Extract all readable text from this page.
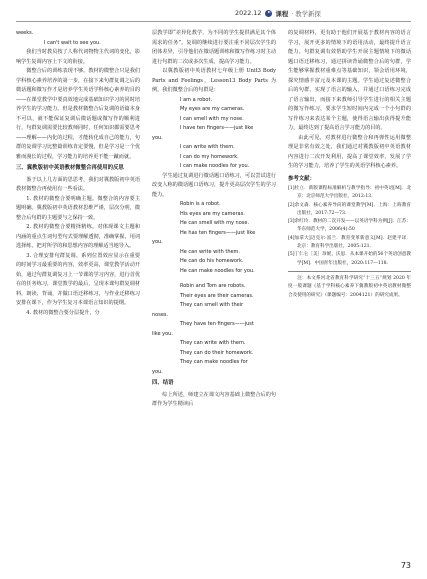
2022.12 课程 · 教学新探
weeks.
I can't wait to see you.

我们当时教员按了人称代词物物主代词的变化，影响学生复调内容上下文的衔接。

微整合后的训练表现不够。教材的微整合只是我们学科核心素养培养的第一步，在接下来句群复调之后的微话题和微写作才是培养学生英语学科核心素养的目的——在课堂教学中要真效地完成基础知识学习的同时培养学生的学习能力。但是教材微整合后复调的语篇本身不可以，就不能保证复调后微话题或微写作的顺利进行，句群复调需要比较教师同时，任何知识都需要思考——理解——内化的过程，才能转化成自己的能力，句群的复调学习比整篇训练肯定要慢，但是学习是一个优雅而漫长的过程，学习能力的培养更不能一蹴而就。

三、冀教版初中英语教材微整合再使用的反思

鉴于以上几方面的思思考，我们对冀教版初中英语教材微整合再使用有一些看法。

1. 教材的微整合要明确主题。微整合的内容要主题明确。冀教版初中英语教材思维严谨，层次分明，微整合后句群的主题要与之保持一致。

2. 教材的微整合要精择精练。对体现课文主题和内涵的重点生词句型句式要理解透彻，准确掌握，用词选择练，把对所学的和思想内容的理解适当地导入。

3. 合理安排句群复调。系列位置效应显示在重要的时间学习最重要的内容，效率更高，课堂教学活动开始，通过句群复调复习上一节课的学习内容，进行首优在的任务练习，课堂教学的最后，呈现本课句群复调材料，朗读、背诵，并做口语迁移练习，与作业迁移练习安排在课下，作为学生复习本课语言知识的提纲。

4. 教材的微整合要分层提升，分

层教学即“差异化教学，为不同的学生提供满足其个体需求的任务”。复调的继续进行要注重不同层次学生的团体差异，引导他们在微话题训练和微写作练习时主动进行句群的二次或多次生成，提高学习能力。

以冀教版初中英语教材七年级上册 Unit3 Body Parts and Feelings，Lesson13 Body Parts 为例，我们微整合后的句群是：

I am a robot.
My eyes are my cameras.
I can smell with my nose.
I have ten fingers——just like
you.
I can write with them.
I can do my homework.
I can make noodles for you.

学生通过复调进行微话题口语练习，可以尝试进行改变人称的微话题口语练习，提升更高层次学生的学习能力。

Robin is a robot.
His eyes are my cameras.
He can smell with my nose.
He has ten fingers——just like
you.
He can write with them.
He can do his homework.
He can make noodles for you.
Robin and Tom are robots.
Their eyes are their cameras.
They can smell with their
noses.
They have ten fingers——just
like you.
They can write with them.
They can do their homework.
They can make noodles for
you.

四、结语

综上所述，师建立在课文内容基础上微整合后的句群作为学生精读后

的复调材料，更有助于他们开展基于教材内容的语言学习，展开更多的情境下的语用活动，最终提升语言能力。句群复调有效帮助学生开展主题情境下的微话题口语迁移练习，通过拼读背诵微整合后的句群，学生能够掌握教材重难点等基础知识，领会语用环境，探究情感丰富元及本课的主题。学生通过复述微整合后的句群，实现了语言的输入，并通过口语练习完成了语言输出，而接下来教师引导学生进行的相关主题的微写作练习，要求学生短时间内完成一个小句群的写作练习来表达某个主题，使得语言输出获得提升能力，最终达到了提高语言学习能力的目的。

由此可见，对教材进行微整合和再弹性运用微整理是非常有效之处，我们通过对冀教版初中英语教材内容进行二次开发利用，提高了课堂效率，发展了学生的学习能力，培养了学生的英语学科核心素养。

参考文献：
[1]杜立．新版课程标准解析与教学指导：初中英语[M]．北京：北京师范大学出版社，2012:13.
[2]余文森．核心素养导向的课堂教学[M]．上海：上海教育出版社，2017:72—73.
[3]余红玲．教材的二次开发——以英语学科为例[J]．江苏：华东师范大学，2006(4):50
[4]加拿大]迈克尔·富兰．教育变革新意义[M]．赵建平译．北京：教育科学出版社，2005:121.
[5]丁仁仑［美］珍妮，沃思．从本课开始的56个英语创意教学[M]．中国青年出版社，2020:117—118.

注：本文系河北省教育科学研究“十三五”规划 2020 年度一般课题《基于学科核心素养下冀教版初中英语教材微整合及使用的研究》（课题编号：2004121）的研究成果。

73
